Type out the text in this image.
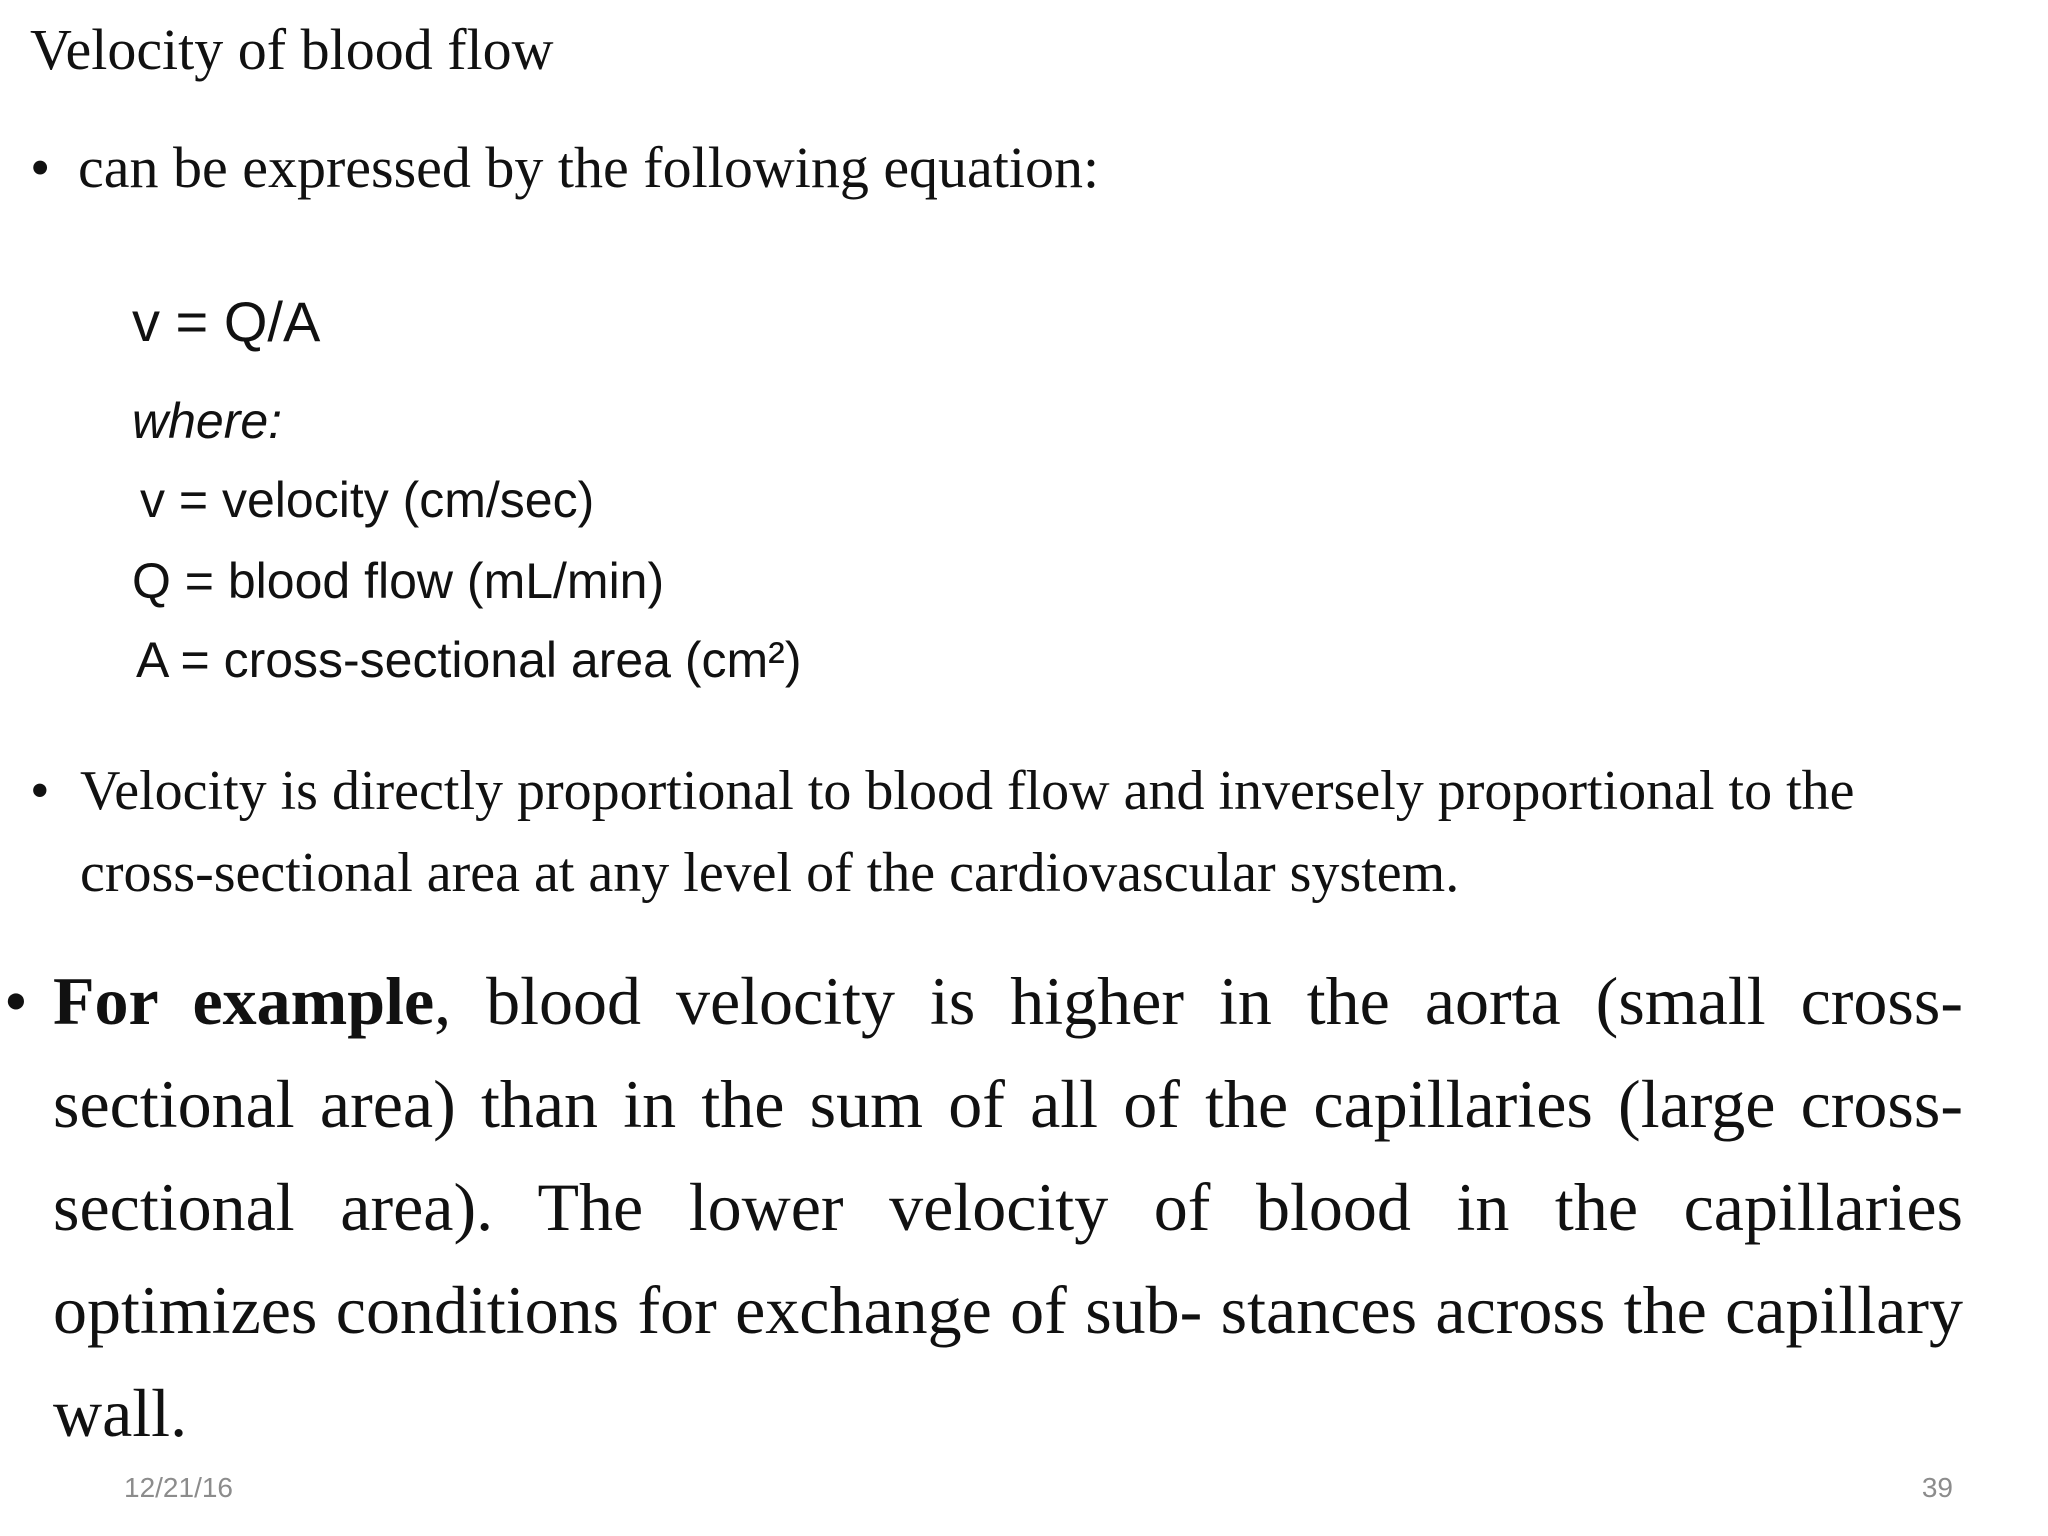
Velocity of blood flow
• can be expressed by the following equation:
v = Q/A
where:
v = velocity (cm/sec)
Q = blood flow (mL/min)
A = cross-sectional area (cm²)
• Velocity is directly proportional to blood flow and inversely proportional to the cross-sectional area at any level of the cardiovascular system.
• For example, blood velocity is higher in the aorta (small cross-sectional area) than in the sum of all of the capillaries (large cross-sectional area). The lower velocity of blood in the capillaries optimizes conditions for exchange of sub- stances across the capillary wall.
12/21/16	39
